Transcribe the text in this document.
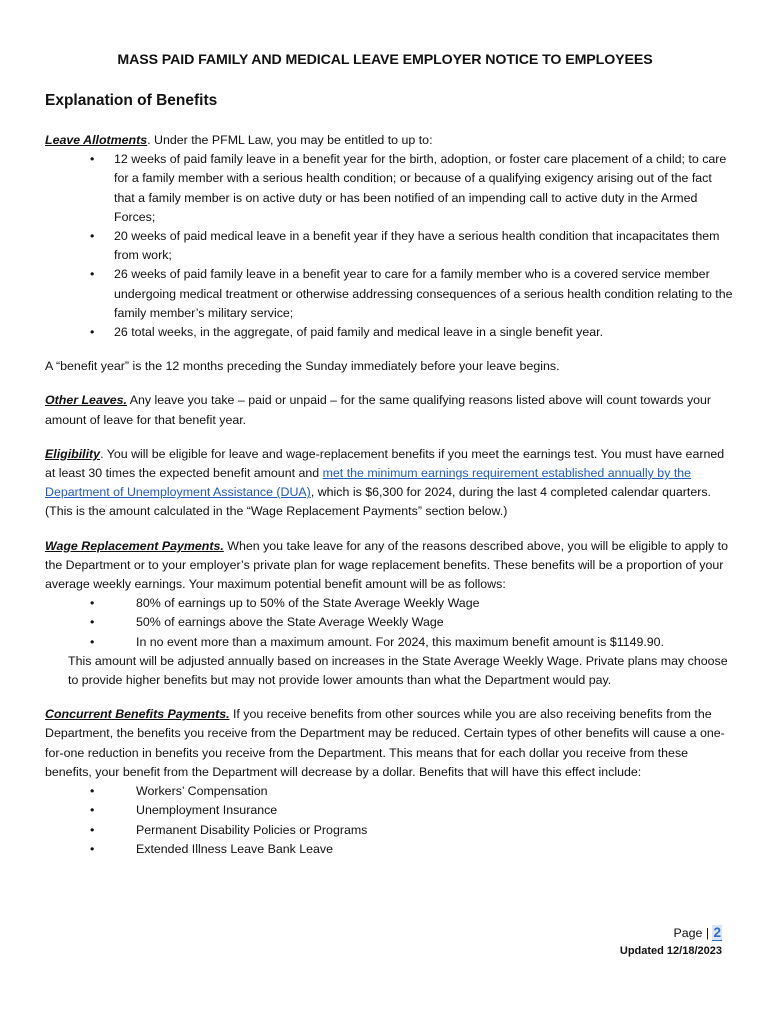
MASS PAID FAMILY AND MEDICAL LEAVE EMPLOYER NOTICE TO EMPLOYEES
Explanation of Benefits

Leave Allotments. Under the PFML Law, you may be entitled to up to:

• 12 weeks of paid family leave in a benefit year for the birth, adoption, or foster care placement of a child; to care for a family member with a serious health condition; or because of a qualifying exigency arising out of the fact that a family member is on active duty or has been notified of an impending call to active duty in the Armed Forces;
• 20 weeks of paid medical leave in a benefit year if they have a serious health condition that incapacitates them from work;
• 26 weeks of paid family leave in a benefit year to care for a family member who is a covered service member undergoing medical treatment or otherwise addressing consequences of a serious health condition relating to the family member’s military service;
• 26 total weeks, in the aggregate, of paid family and medical leave in a single benefit year.

A “benefit year” is the 12 months preceding the Sunday immediately before your leave begins.

Other Leaves. Any leave you take – paid or unpaid – for the same qualifying reasons listed above will count towards your amount of leave for that benefit year.

Eligibility. You will be eligible for leave and wage-replacement benefits if you meet the earnings test. You must have earned at least 30 times the expected benefit amount and met the minimum earnings requirement established annually by the Department of Unemployment Assistance (DUA), which is $6,300 for 2024, during the last 4 completed calendar quarters. (This is the amount calculated in the “Wage Replacement Payments” section below.)

Wage Replacement Payments. When you take leave for any of the reasons described above, you will be eligible to apply to the Department or to your employer’s private plan for wage replacement benefits. These benefits will be a proportion of your average weekly earnings. Your maximum potential benefit amount will be as follows:

•	80% of earnings up to 50% of the State Average Weekly Wage
•	50% of earnings above the State Average Weekly Wage
•	In no event more than a maximum amount. For 2024, this maximum benefit amount is $1149.90.

This amount will be adjusted annually based on increases in the State Average Weekly Wage. Private plans may choose to provide higher benefits but may not provide lower amounts than what the Department would pay.

Concurrent Benefits Payments. If you receive benefits from other sources while you are also receiving benefits from the Department, the benefits you receive from the Department may be reduced. Certain types of other benefits will cause a one-for-one reduction in benefits you receive from the Department. This means that for each dollar you receive from these benefits, your benefit from the Department will decrease by a dollar. Benefits that will have this effect include:

•	Workers’ Compensation
•	Unemployment Insurance
•	Permanent Disability Policies or Programs
•	Extended Illness Leave Bank Leave
Page | 2
Updated 12/18/2023
